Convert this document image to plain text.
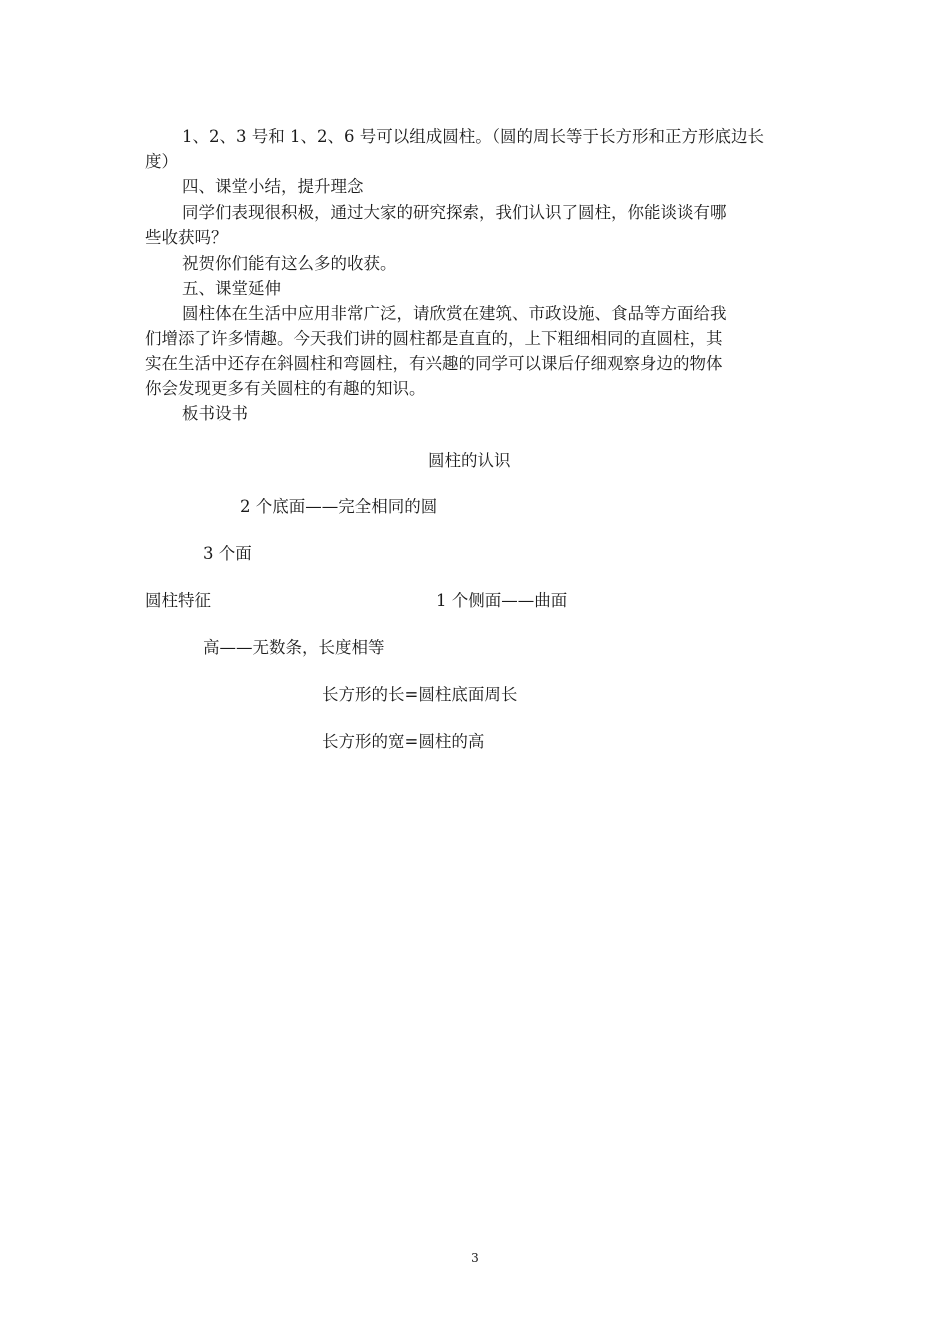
1、2、3 号和 1、2、6 号可以组成圆柱。（圆的周长等于长方形和正方形底边长
度）
四、课堂小结，提升理念
同学们表现很积极，通过大家的研究探索，我们认识了圆柱，你能谈谈有哪
些收获吗？
祝贺你们能有这么多的收获。
五、课堂延伸
圆柱体在生活中应用非常广泛，请欣赏在建筑、市政设施、食品等方面给我
们增添了许多情趣。今天我们讲的圆柱都是直直的，上下粗细相同的直圆柱，其
实在生活中还存在斜圆柱和弯圆柱，有兴趣的同学可以课后仔细观察身边的物体
你会发现更多有关圆柱的有趣的知识。
板书设书
圆柱的认识
2 个底面——完全相同的圆
3 个面
圆柱特征	1 个侧面——曲面
高——无数条，长度相等
长方形的长=圆柱底面周长
长方形的宽=圆柱的高
3
